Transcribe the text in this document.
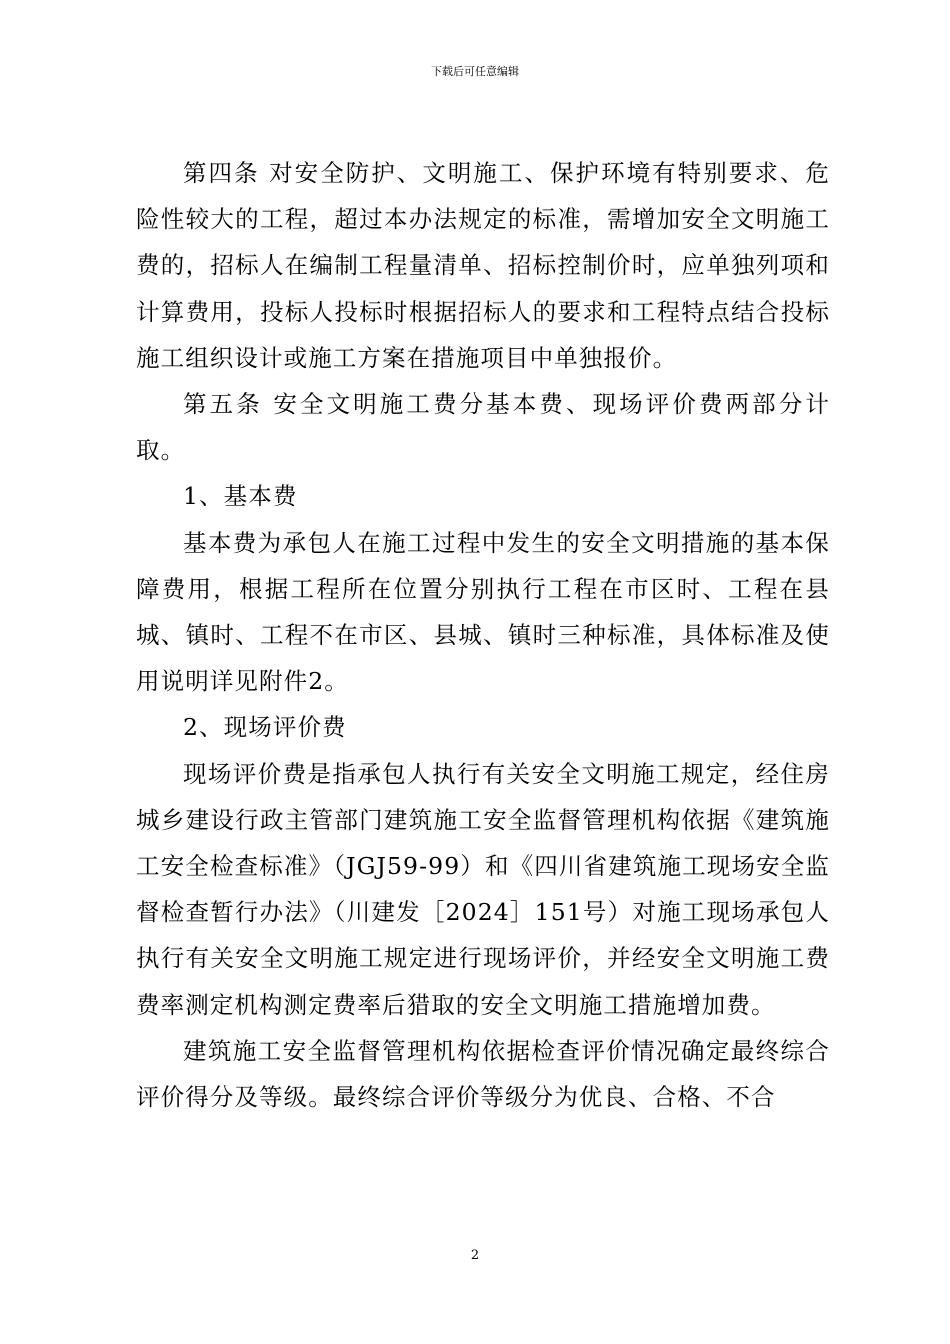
下载后可任意编辑

第四条 对安全防护、文明施工、保护环境有特别要求、危险性较大的工程，超过本办法规定的标准，需增加安全文明施工费的，招标人在编制工程量清单、招标控制价时，应单独列项和计算费用，投标人投标时根据招标人的要求和工程特点结合投标施工组织设计或施工方案在措施项目中单独报价。

第五条 安全文明施工费分基本费、现场评价费两部分计取。

1、基本费

基本费为承包人在施工过程中发生的安全文明措施的基本保障费用，根据工程所在位置分别执行工程在市区时、工程在县城、镇时、工程不在市区、县城、镇时三种标准，具体标准及使用说明详见附件2。

2、现场评价费

现场评价费是指承包人执行有关安全文明施工规定，经住房城乡建设行政主管部门建筑施工安全监督管理机构依据《建筑施工安全检查标准》（JGJ59-99）和《四川省建筑施工现场安全监督检查暂行办法》（川建发［2024］151号）对施工现场承包人执行有关安全文明施工规定进行现场评价，并经安全文明施工费费率测定机构测定费率后猎取的安全文明施工措施增加费。

建筑施工安全监督管理机构依据检查评价情况确定最终综合评价得分及等级。最终综合评价等级分为优良、合格、不合

2
